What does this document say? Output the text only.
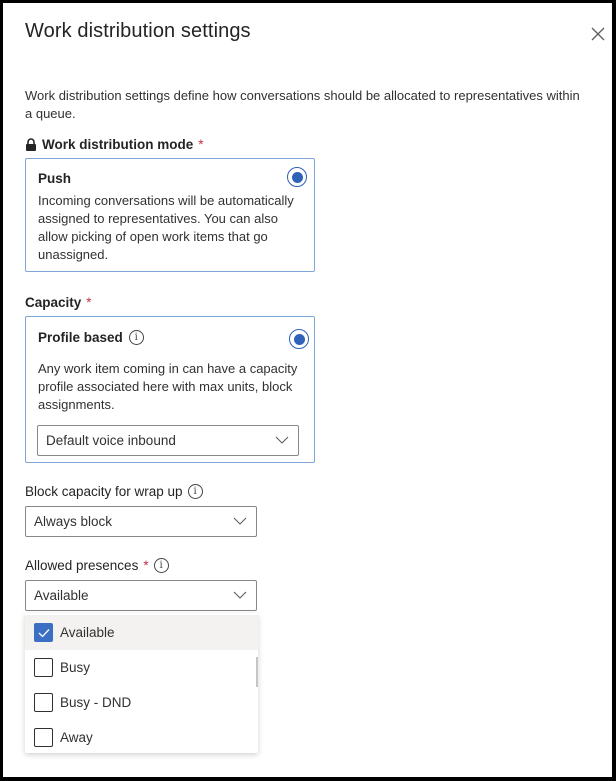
Work distribution settings
Work distribution settings define how conversations should be allocated to representatives within a queue.
Work distribution mode *
Push
Incoming conversations will be automatically assigned to representatives. You can also allow picking of open work items that go unassigned.
Capacity *
Profile based	i
Any work item coming in can have a capacity profile associated here with max units, block assignments.
Default voice inbound
Block capacity for wrap up	i
Always block
Allowed presences *	i
Available
Available
Busy
Busy - DND
Away
